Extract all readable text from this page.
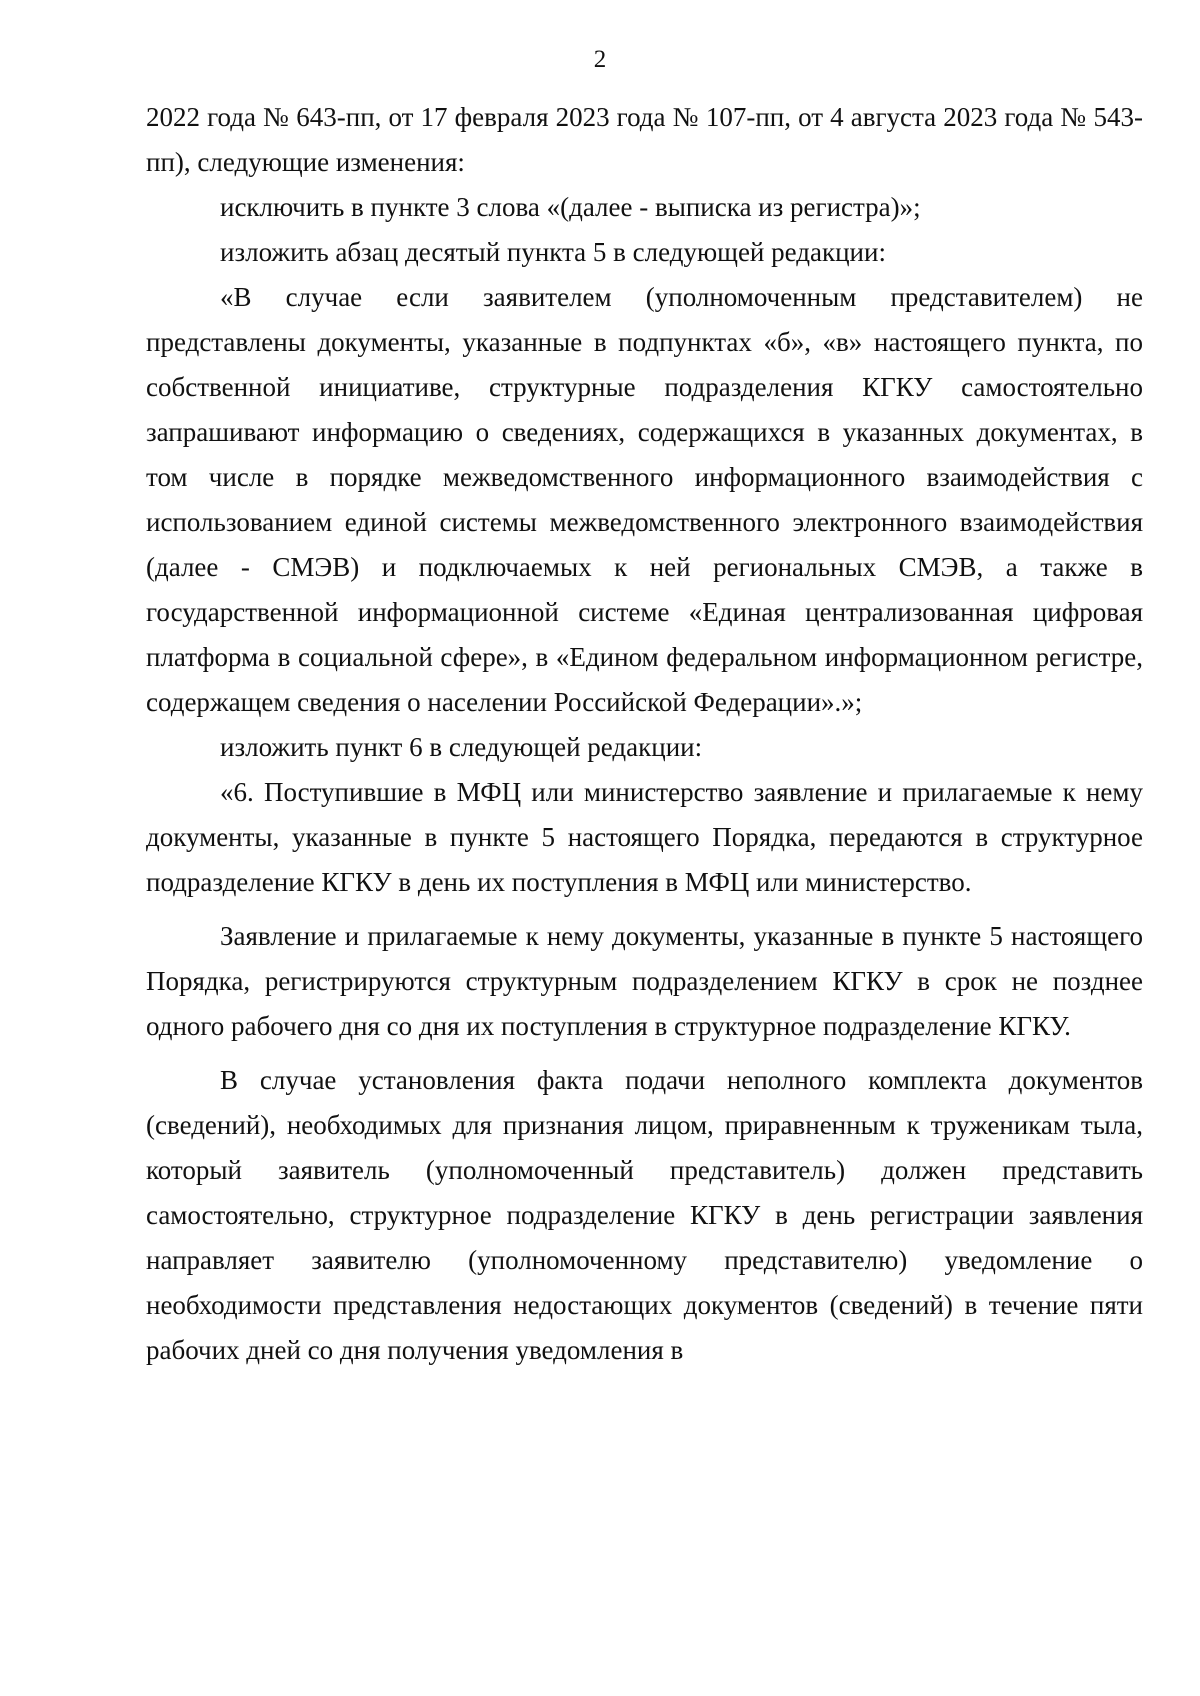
2

2022 года № 643-пп, от 17 февраля 2023 года № 107-пп, от 4 августа 2023 года № 543-пп), следующие изменения:

исключить в пункте 3 слова «(далее - выписка из регистра)»;

изложить абзац десятый пункта 5 в следующей редакции:

«В случае если заявителем (уполномоченным представителем) не представлены документы, указанные в подпунктах «б», «в» настоящего пункта, по собственной инициативе, структурные подразделения КГКУ самостоятельно запрашивают информацию о сведениях, содержащихся в указанных документах, в том числе в порядке межведомственного информационного взаимодействия с использованием единой системы межведомственного электронного взаимодействия (далее - СМЭВ) и подключаемых к ней региональных СМЭВ, а также в государственной информационной системе «Единая централизованная цифровая платформа в социальной сфере», в «Едином федеральном информационном регистре, содержащем сведения о населении Российской Федерации».»;

изложить пункт 6 в следующей редакции:

«6. Поступившие в МФЦ или министерство заявление и прилагаемые к нему документы, указанные в пункте 5 настоящего Порядка, передаются в структурное подразделение КГКУ в день их поступления в МФЦ или министерство.

Заявление и прилагаемые к нему документы, указанные в пункте 5 настоящего Порядка, регистрируются структурным подразделением КГКУ в срок не позднее одного рабочего дня со дня их поступления в структурное подразделение КГКУ.

В случае установления факта подачи неполного комплекта документов (сведений), необходимых для признания лицом, приравненным к труженикам тыла, который заявитель (уполномоченный представитель) должен представить самостоятельно, структурное подразделение КГКУ в день регистрации заявления направляет заявителю (уполномоченному представителю) уведомление о необходимости представления недостающих документов (сведений) в течение пяти рабочих дней со дня получения уведомления в
